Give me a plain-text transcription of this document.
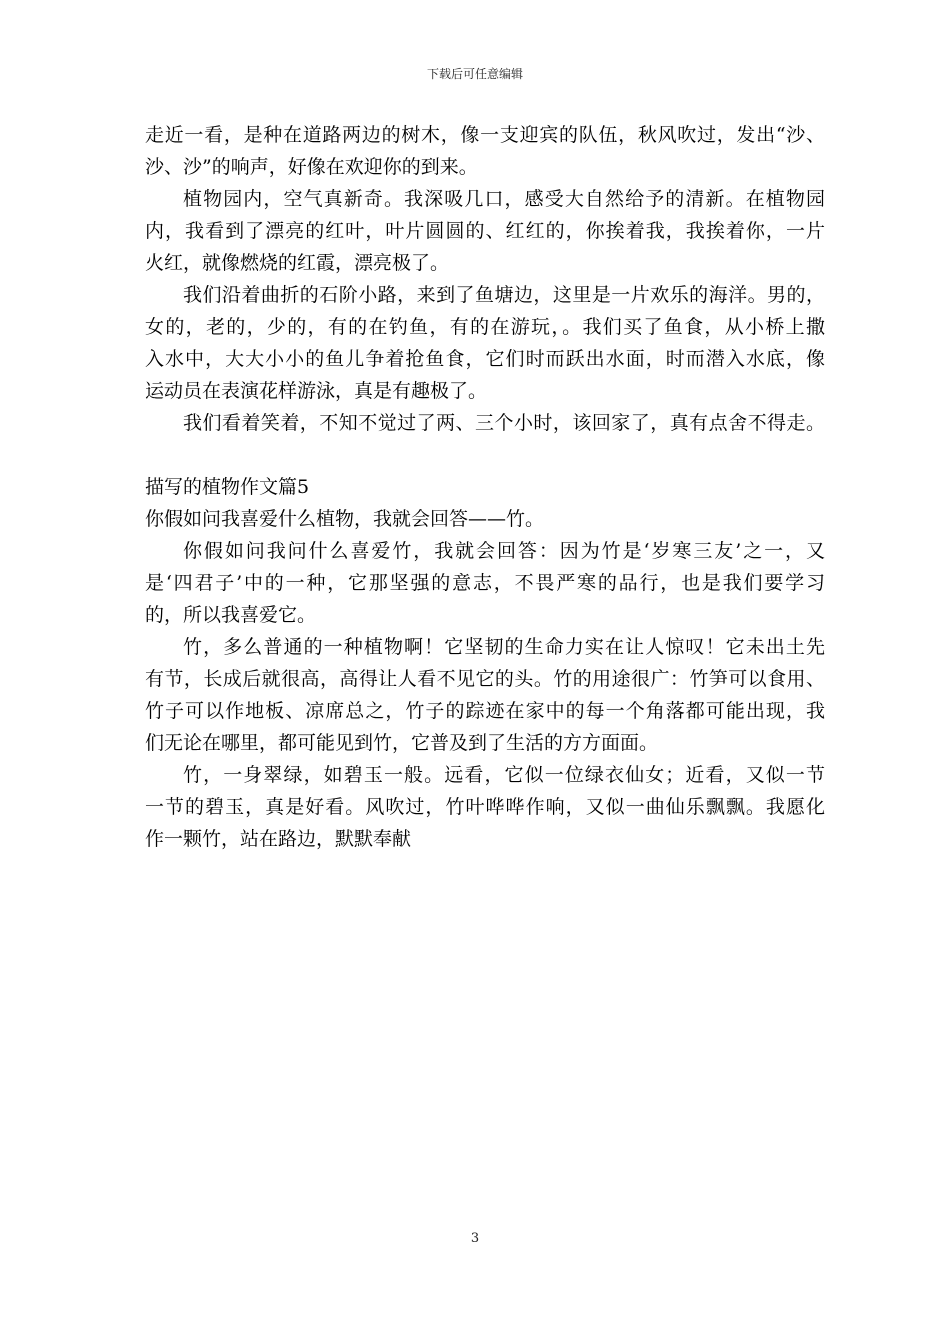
下载后可任意编辑
走近一看，是种在道路两边的树木，像一支迎宾的队伍，秋风吹过，发出“沙、
沙、沙”的响声，好像在欢迎你的到来。
植物园内，空气真新奇。我深吸几口，感受大自然给予的清新。在植物园
内，我看到了漂亮的红叶，叶片圆圆的、红红的，你挨着我，我挨着你，一片
火红，就像燃烧的红霞，漂亮极了。
我们沿着曲折的石阶小路，来到了鱼塘边，这里是一片欢乐的海洋。男的，
女的，老的，少的，有的在钓鱼，有的在游玩，。我们买了鱼食，从小桥上撒
入水中，大大小小的鱼儿争着抢鱼食，它们时而跃出水面，时而潜入水底，像
运动员在表演花样游泳，真是有趣极了。
我们看着笑着，不知不觉过了两、三个小时，该回家了，真有点舍不得走。
描写的植物作文篇5
你假如问我喜爱什么植物，我就会回答——竹。
你假如问我问什么喜爱竹，我就会回答：因为竹是‘岁寒三友’之一，又
是‘四君子’中的一种，它那坚强的意志，不畏严寒的品行，也是我们要学习
的，所以我喜爱它。
竹，多么普通的一种植物啊！它坚韧的生命力实在让人惊叹！它未出土先
有节，长成后就很高，高得让人看不见它的头。竹的用途很广：竹笋可以食用、
竹子可以作地板、凉席总之，竹子的踪迹在家中的每一个角落都可能出现，我
们无论在哪里，都可能见到竹，它普及到了生活的方方面面。
竹，一身翠绿，如碧玉一般。远看，它似一位绿衣仙女；近看，又似一节
一节的碧玉，真是好看。风吹过，竹叶哗哗作响，又似一曲仙乐飘飘。我愿化
作一颗竹，站在路边，默默奉献
3
